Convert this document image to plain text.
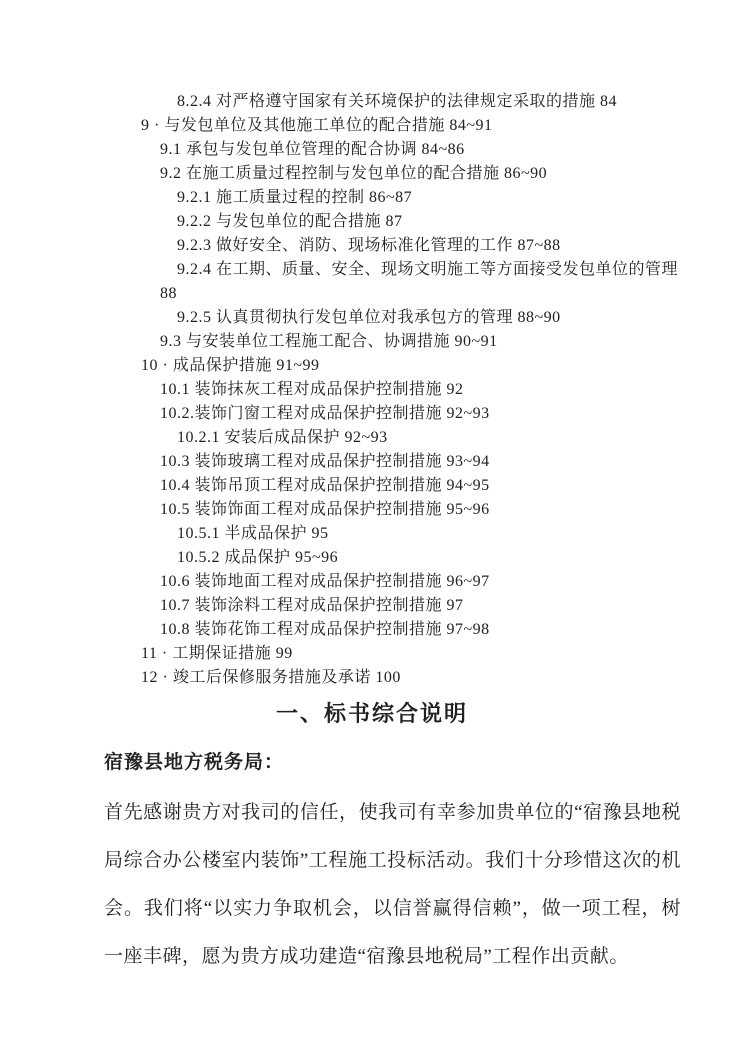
8.2.4 对严格遵守国家有关环境保护的法律规定采取的措施 84
9 · 与发包单位及其他施工单位的配合措施 84~91
9.1 承包与发包单位管理的配合协调 84~86
9.2 在施工质量过程控制与发包单位的配合措施 86~90
9.2.1 施工质量过程的控制 86~87
9.2.2 与发包单位的配合措施 87
9.2.3 做好安全、消防、现场标准化管理的工作 87~88
9.2.4 在工期、质量、安全、现场文明施工等方面接受发包单位的管理
88
9.2.5 认真贯彻执行发包单位对我承包方的管理 88~90
9.3 与安装单位工程施工配合、协调措施 90~91
10 · 成品保护措施 91~99
10.1 装饰抹灰工程对成品保护控制措施 92
10.2.装饰门窗工程对成品保护控制措施 92~93
10.2.1 安装后成品保护 92~93
10.3 装饰玻璃工程对成品保护控制措施 93~94
10.4 装饰吊顶工程对成品保护控制措施 94~95
10.5 装饰饰面工程对成品保护控制措施 95~96
10.5.1 半成品保护 95
10.5.2 成品保护 95~96
10.6 装饰地面工程对成品保护控制措施 96~97
10.7 装饰涂料工程对成品保护控制措施 97
10.8 装饰花饰工程对成品保护控制措施 97~98
11 · 工期保证措施 99
12 · 竣工后保修服务措施及承诺 100
一、标书综合说明
宿豫县地方税务局：
首先感谢贵方对我司的信任，使我司有幸参加贵单位的“宿豫县地税
局综合办公楼室内装饰”工程施工投标活动。我们十分珍惜这次的机
会。我们将“以实力争取机会，以信誉赢得信赖”，做一项工程，树
一座丰碑，愿为贵方成功建造“宿豫县地税局”工程作出贡献。
